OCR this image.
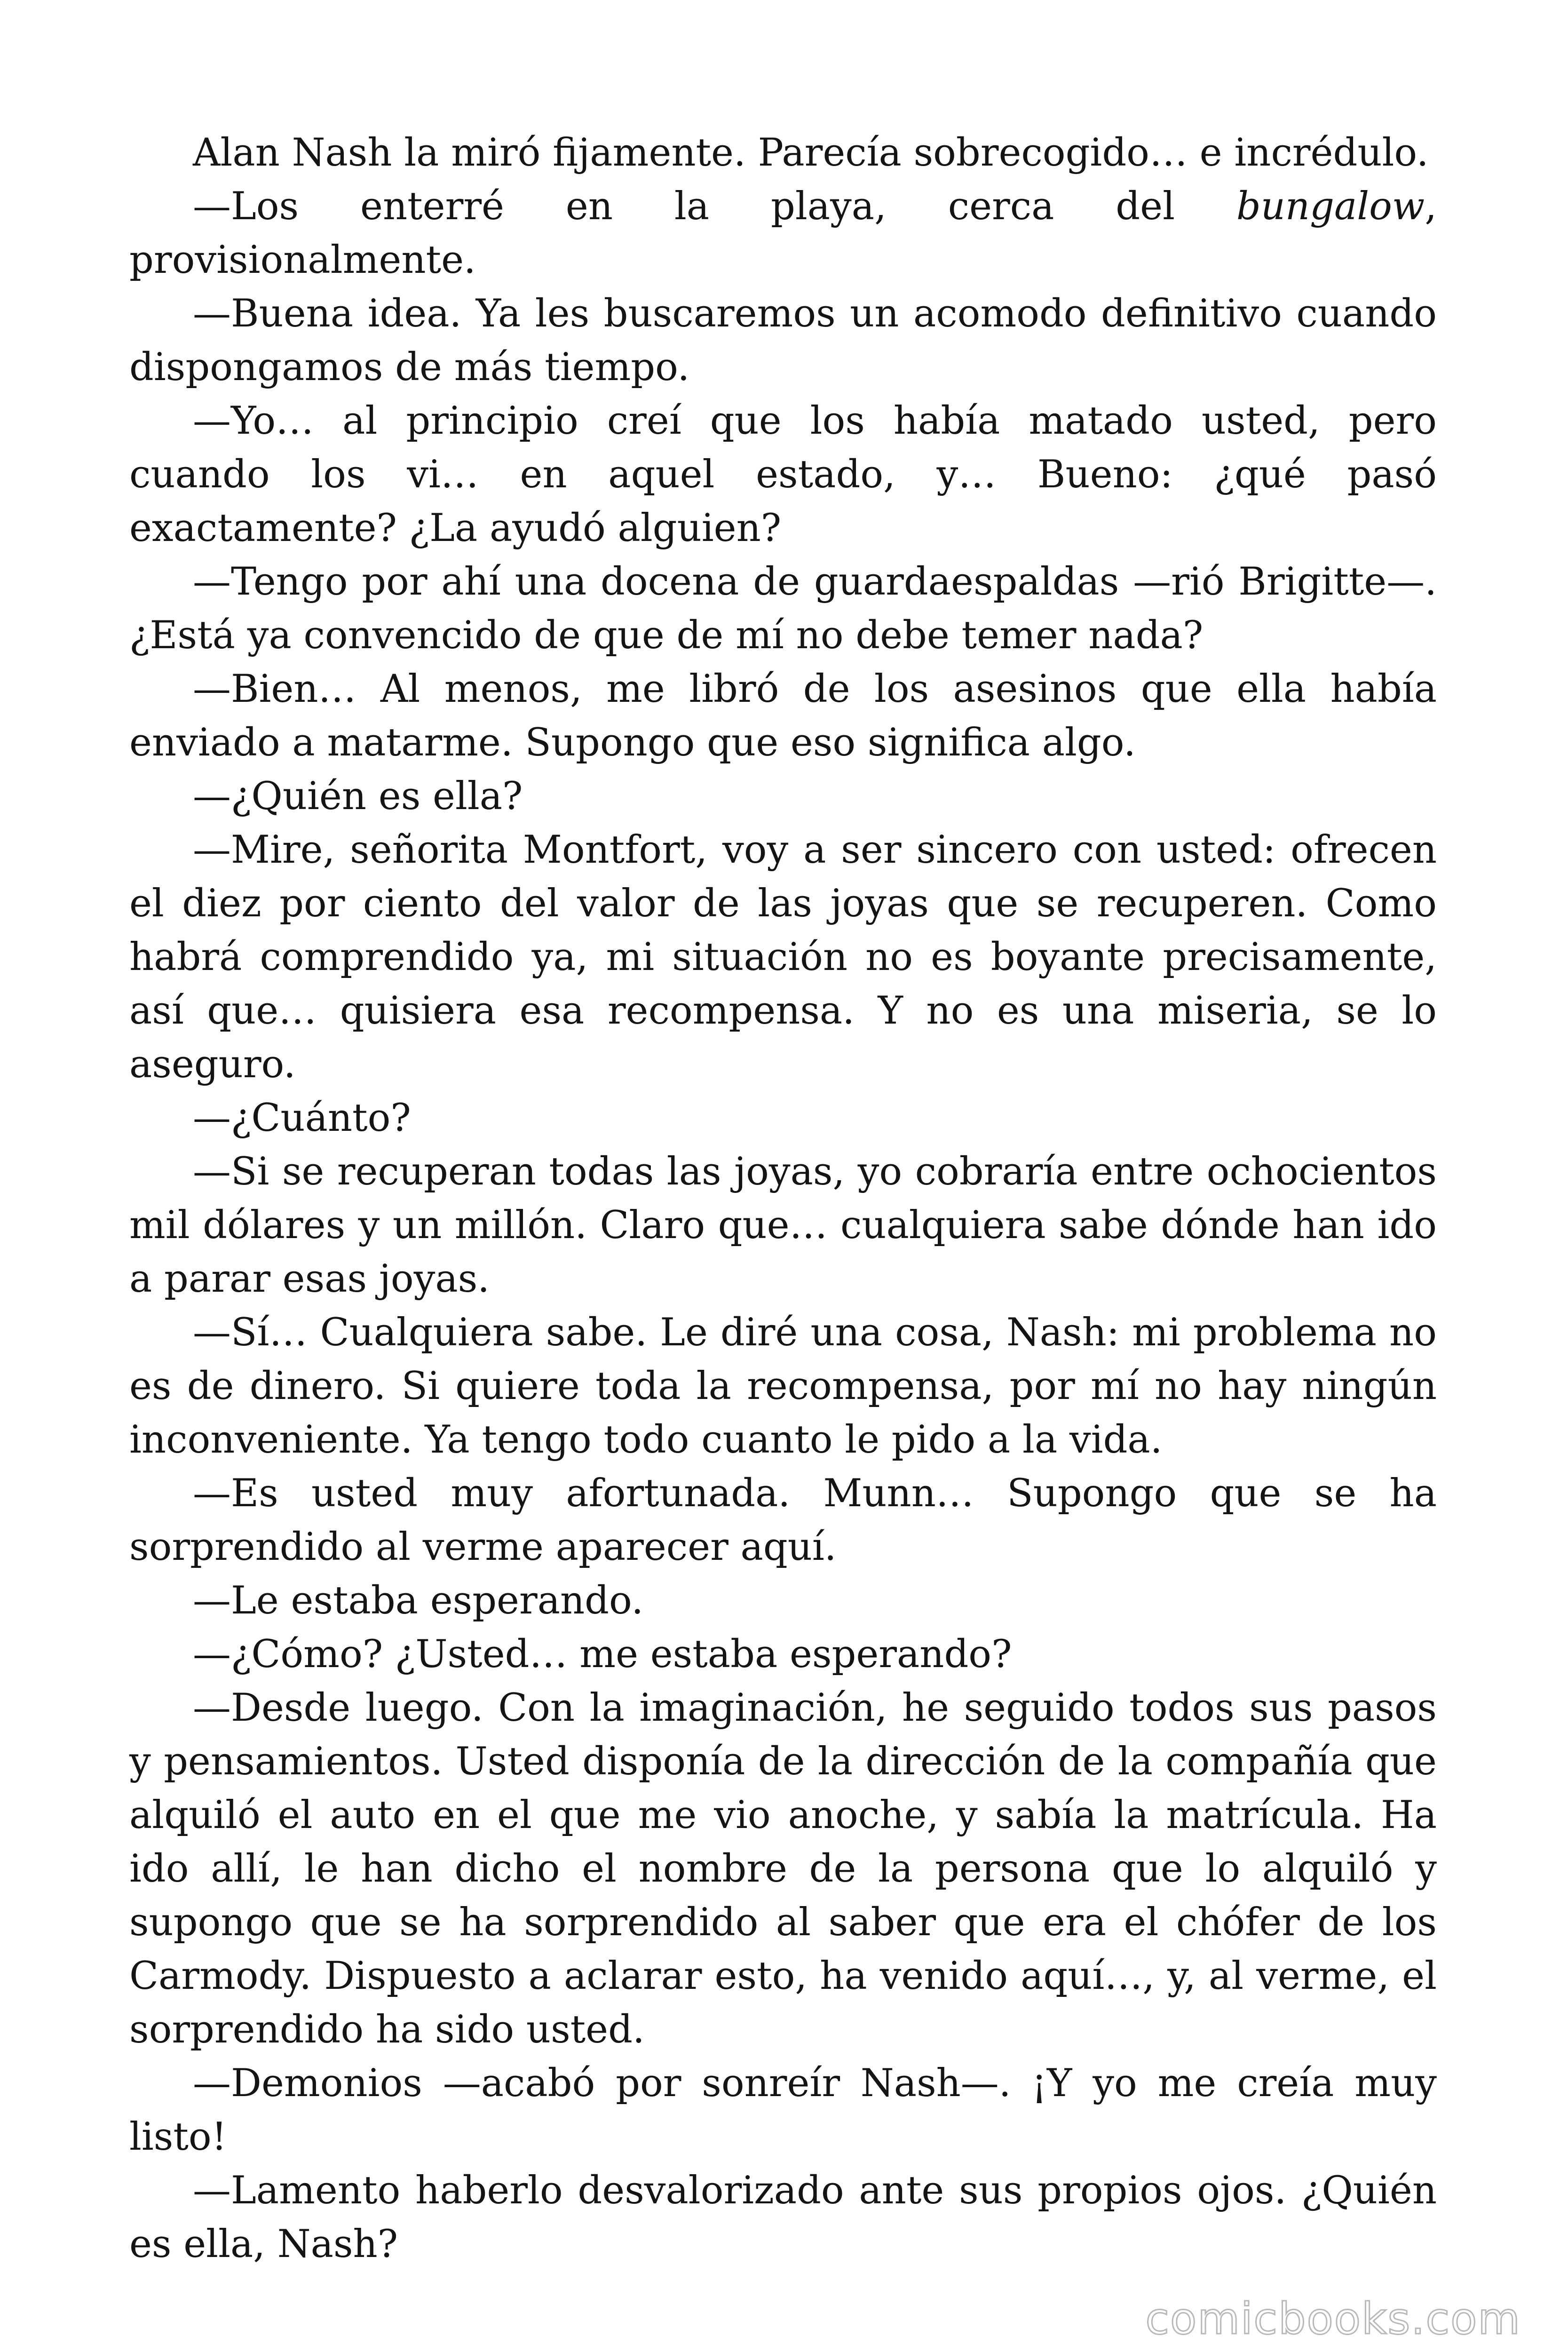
Alan Nash la miró fijamente. Parecía sobrecogido… e incrédulo.

—Los enterré en la playa, cerca del bungalow, provisionalmente.

—Buena idea. Ya les buscaremos un acomodo definitivo cuando dispongamos de más tiempo.

—Yo… al principio creí que los había matado usted, pero cuando los vi… en aquel estado, y… Bueno: ¿qué pasó exactamente? ¿La ayudó alguien?

—Tengo por ahí una docena de guardaespaldas —rió Brigitte—. ¿Está ya convencido de que de mí no debe temer nada?

—Bien… Al menos, me libró de los asesinos que ella había enviado a matarme. Supongo que eso significa algo.

—¿Quién es ella?

—Mire, señorita Montfort, voy a ser sincero con usted: ofrecen el diez por ciento del valor de las joyas que se recuperen. Como habrá comprendido ya, mi situación no es boyante precisamente, así que… quisiera esa recompensa. Y no es una miseria, se lo aseguro.

—¿Cuánto?

—Si se recuperan todas las joyas, yo cobraría entre ochocientos mil dólares y un millón. Claro que… cualquiera sabe dónde han ido a parar esas joyas.

—Sí… Cualquiera sabe. Le diré una cosa, Nash: mi problema no es de dinero. Si quiere toda la recompensa, por mí no hay ningún inconveniente. Ya tengo todo cuanto le pido a la vida.

—Es usted muy afortunada. Munn… Supongo que se ha sorprendido al verme aparecer aquí.

—Le estaba esperando.

—¿Cómo? ¿Usted… me estaba esperando?

—Desde luego. Con la imaginación, he seguido todos sus pasos y pensamientos. Usted disponía de la dirección de la compañía que alquiló el auto en el que me vio anoche, y sabía la matrícula. Ha ido allí, le han dicho el nombre de la persona que lo alquiló y supongo que se ha sorprendido al saber que era el chófer de los Carmody. Dispuesto a aclarar esto, ha venido aquí…, y, al verme, el sorprendido ha sido usted.

—Demonios —acabó por sonreír Nash—. ¡Y yo me creía muy listo!

—Lamento haberlo desvalorizado ante sus propios ojos. ¿Quién es ella, Nash?

comicbooks.com
